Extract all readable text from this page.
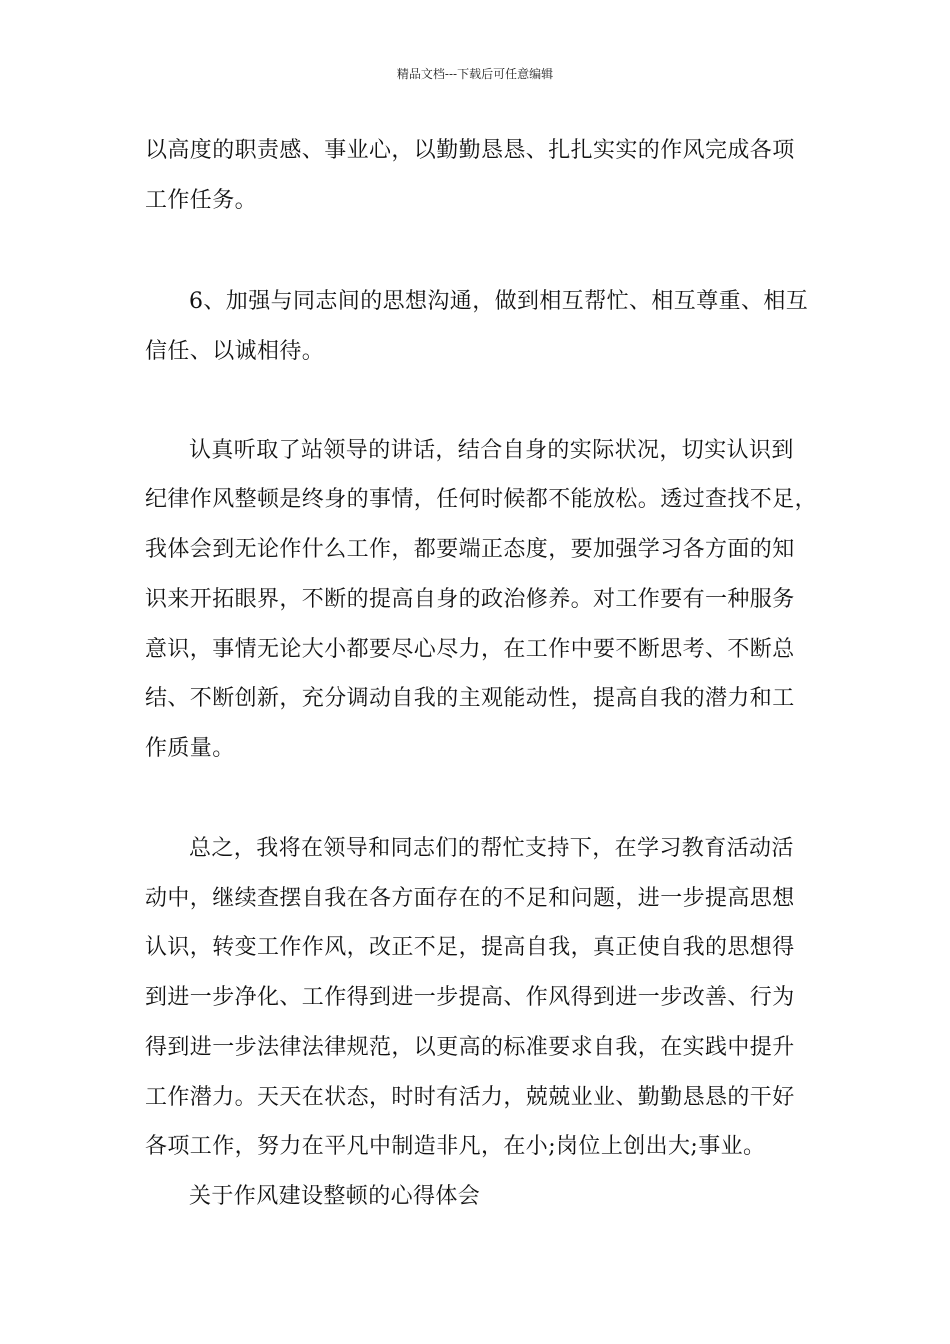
精品文档---下载后可任意编辑
以高度的职责感、事业心，以勤勤恳恳、扎扎实实的作风完成各项
工作任务。
6、加强与同志间的思想沟通，做到相互帮忙、相互尊重、相互
信任、以诚相待。
认真听取了站领导的讲话，结合自身的实际状况，切实认识到
纪律作风整顿是终身的事情，任何时候都不能放松。透过查找不足，
我体会到无论作什么工作，都要端正态度，要加强学习各方面的知
识来开拓眼界，不断的提高自身的政治修养。对工作要有一种服务
意识，事情无论大小都要尽心尽力，在工作中要不断思考、不断总
结、不断创新，充分调动自我的主观能动性，提高自我的潜力和工
作质量。
总之，我将在领导和同志们的帮忙支持下，在学习教育活动活
动中，继续查摆自我在各方面存在的不足和问题，进一步提高思想
认识，转变工作作风，改正不足，提高自我，真正使自我的思想得
到进一步净化、工作得到进一步提高、作风得到进一步改善、行为
得到进一步法律法律规范，以更高的标准要求自我，在实践中提升
工作潜力。天天在状态，时时有活力，兢兢业业、勤勤恳恳的干好
各项工作，努力在平凡中制造非凡，在小;岗位上创出大;事业。
关于作风建设整顿的心得体会
